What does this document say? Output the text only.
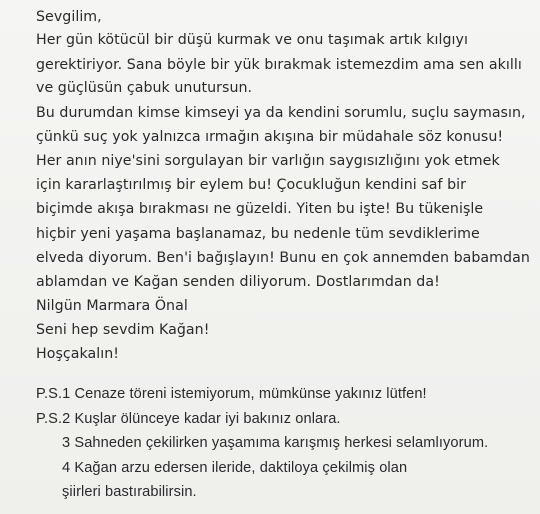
Sevgilim,
Her gün kötücül bir düşü kurmak ve onu taşımak artık kılgıyı
gerektiriyor. Sana böyle bir yük bırakmak istemezdim ama sen akıllı
ve güçlüsün çabuk unutursun.
Bu durumdan kimse kimseyi ya da kendini sorumlu, suçlu saymasın,
çünkü suç yok yalnızca ırmağın akışına bir müdahale söz konusu!
Her anın niye'sini sorgulayan bir varlığın saygısızlığını yok etmek
için kararlaştırılmış bir eylem bu! Çocukluğun kendini saf bir
biçimde akışa bırakması ne güzeldi. Yiten bu işte! Bu tükenişle
hiçbir yeni yaşama başlanamaz, bu nedenle tüm sevdiklerime
elveda diyorum. Ben'i bağışlayın! Bunu en çok annemden babamdan
ablamdan ve Kağan senden diliyorum. Dostlarımdan da!
Nilgün Marmara Önal
Seni hep sevdim Kağan!
Hoşçakalın!
P.S.1 Cenaze töreni istemiyorum, mümkünse yakınız lütfen!
P.S.2 Kuşlar ölünceye kadar iyi bakınız onlara.
3 Sahneden çekilirken yaşamıma karışmış herkesi selamlıyorum.
4 Kağan arzu edersen ileride, daktiloya çekilmiş olan
şiirleri bastırabilirsin.
